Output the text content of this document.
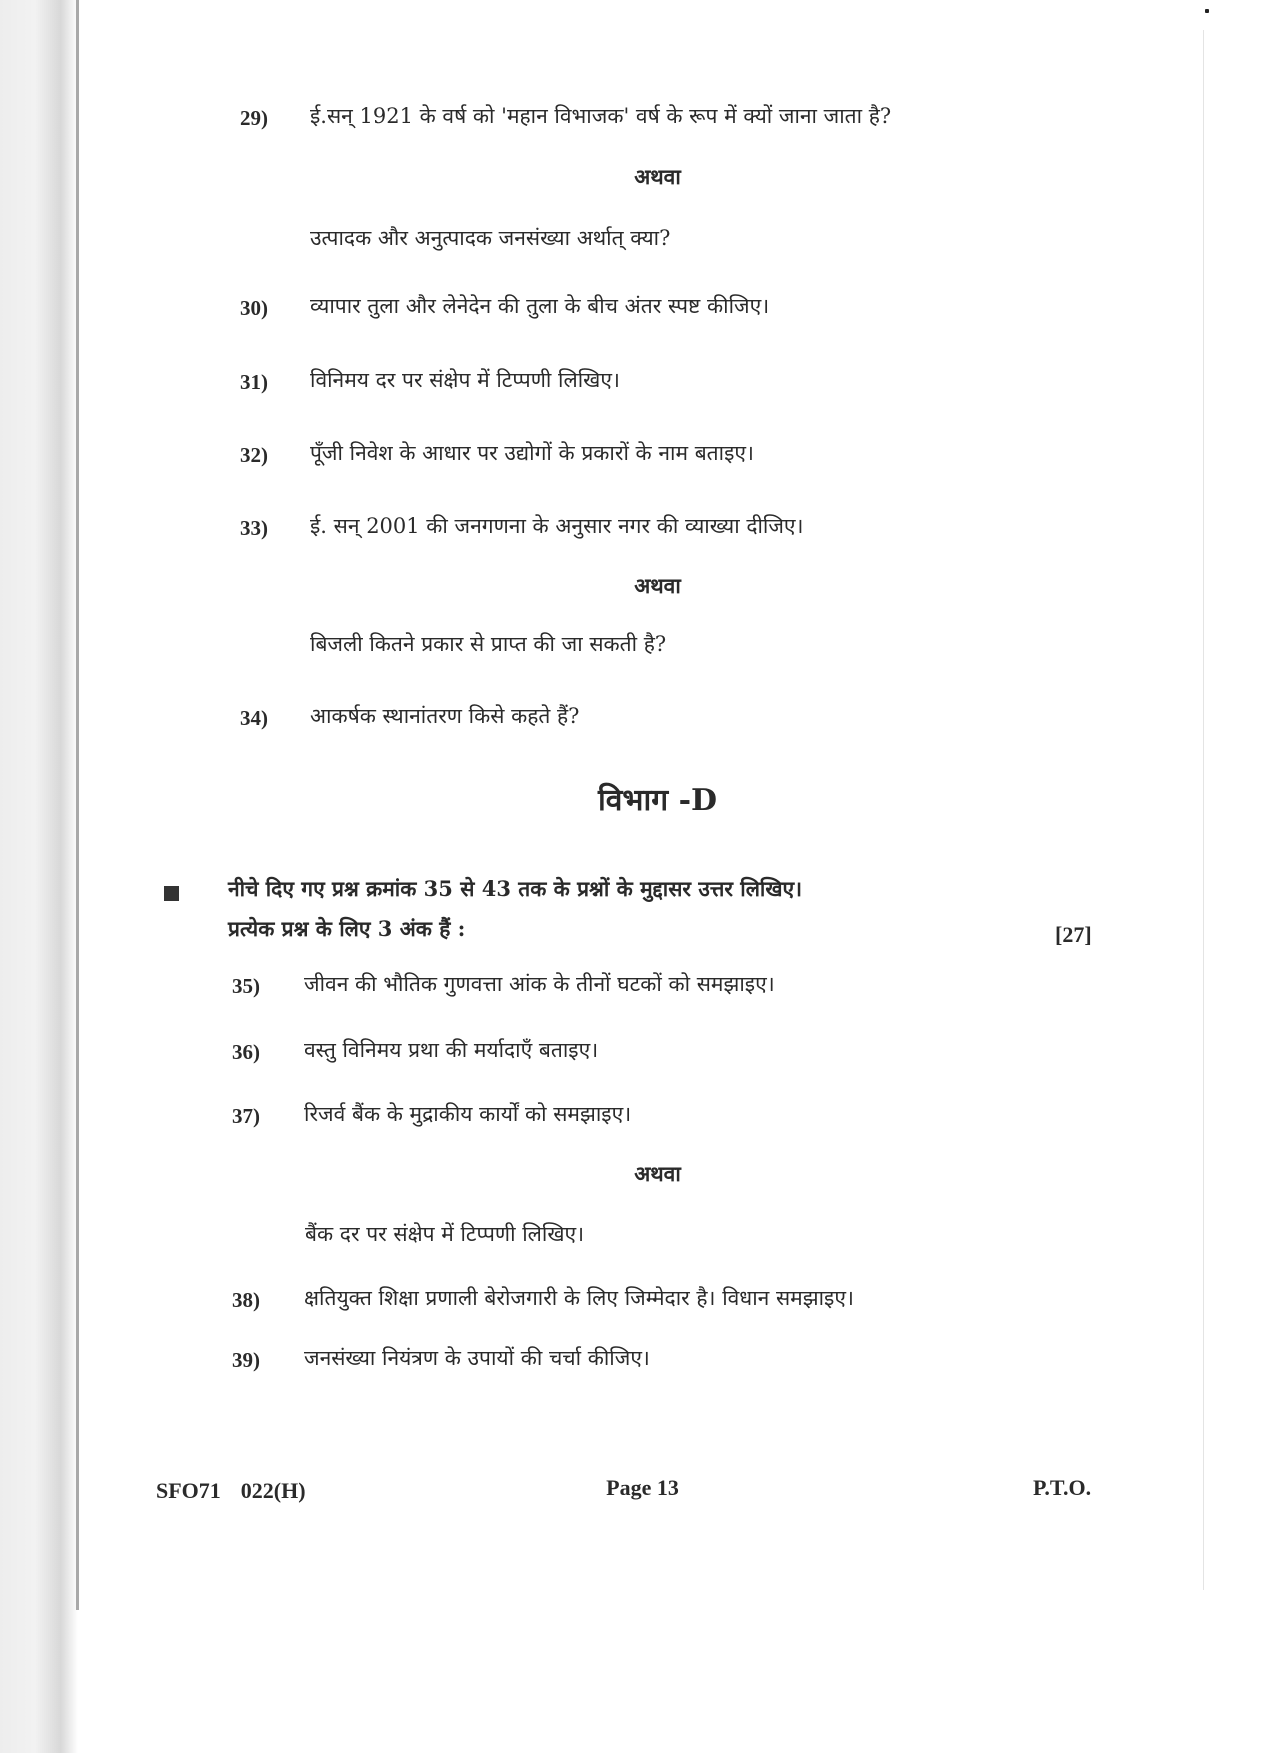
29) ई.सन् 1921 के वर्ष को 'महान विभाजक' वर्ष के रूप में क्यों जाना जाता है?
अथवा
उत्पादक और अनुत्पादक जनसंख्या अर्थात् क्या?
30) व्यापार तुला और लेनेदेन की तुला के बीच अंतर स्पष्ट कीजिए।
31) विनिमय दर पर संक्षेप में टिप्पणी लिखिए।
32) पूँजी निवेश के आधार पर उद्योगों के प्रकारों के नाम बताइए।
33) ई. सन् 2001 की जनगणना के अनुसार नगर की व्याख्या दीजिए।
अथवा
बिजली कितने प्रकार से प्राप्त की जा सकती है?
34) आकर्षक स्थानांतरण किसे कहते हैं?
विभाग -D
नीचे दिए गए प्रश्न क्रमांक 35 से 43 तक के प्रश्नों के मुद्दासर उत्तर लिखिए।
प्रत्येक प्रश्न के लिए 3 अंक हैं :	[27]
35) जीवन की भौतिक गुणवत्ता आंक के तीनों घटकों को समझाइए।
36) वस्तु विनिमय प्रथा की मर्यादाएँ बताइए।
37) रिजर्व बैंक के मुद्राकीय कार्यों को समझाइए।
अथवा
बैंक दर पर संक्षेप में टिप्पणी लिखिए।
38) क्षतियुक्त शिक्षा प्रणाली बेरोजगारी के लिए जिम्मेदार है। विधान समझाइए।
39) जनसंख्या नियंत्रण के उपायों की चर्चा कीजिए।
SFO71 022(H)	Page 13	P.T.O.
